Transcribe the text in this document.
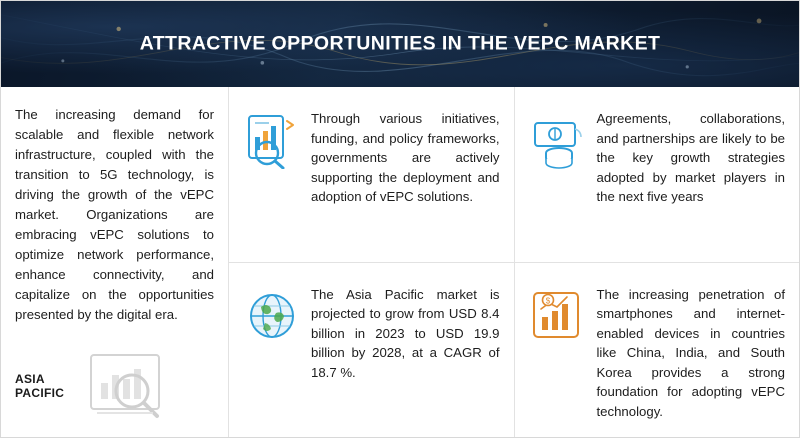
ATTRACTIVE OPPORTUNITIES IN THE VEPC MARKET
The increasing demand for scalable and flexible network infrastructure, coupled with the transition to 5G technology, is driving the growth of the vEPC market. Organizations are embracing vEPC solutions to optimize network performance, enhance connectivity, and capitalize on the opportunities presented by the digital era.
ASIA PACIFIC
Through various initiatives, funding, and policy frameworks, governments are actively supporting the deployment and adoption of vEPC solutions.
The Asia Pacific market is projected to grow from USD 8.4 billion in 2023 to USD 19.9 billion by 2028, at a CAGR of 18.7 %.
Agreements, collaborations, and partnerships are likely to be the key growth strategies adopted by market players in the next five years
$	The increasing penetration of smartphones and internet-enabled devices in countries like China, India, and South Korea provides a strong foundation for adopting vEPC technology.
